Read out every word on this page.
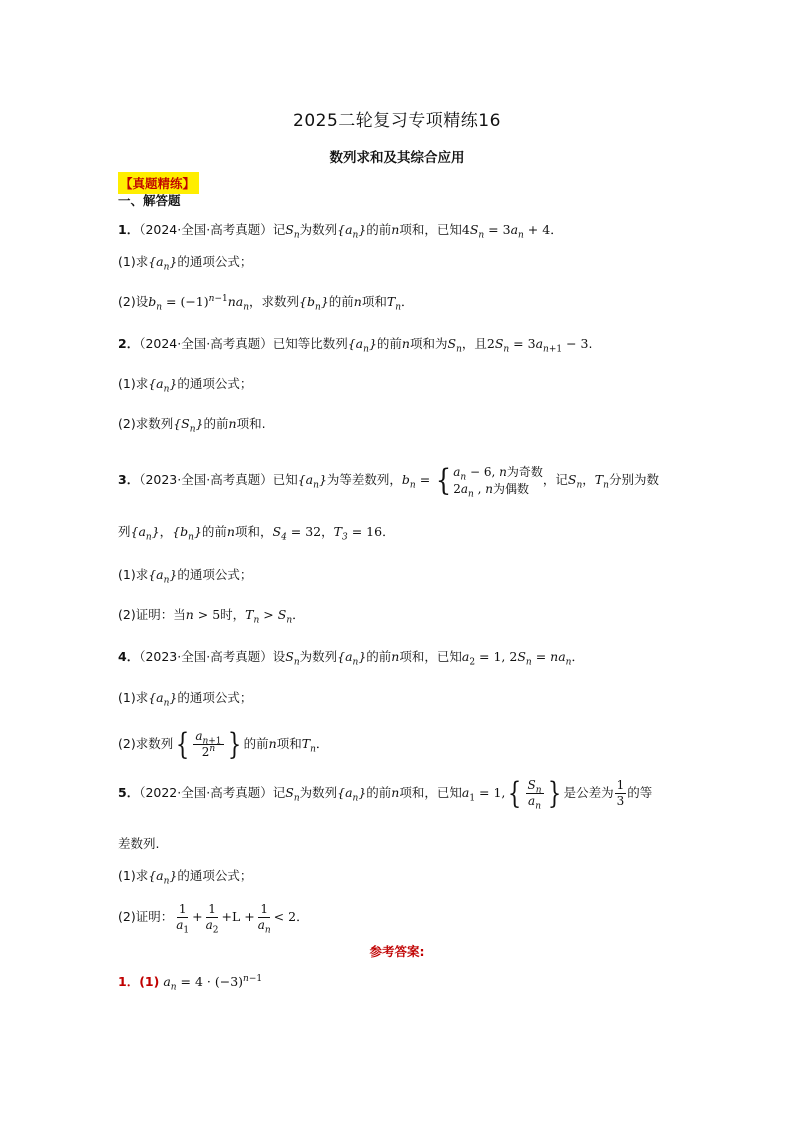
2025二轮复习专项精练16
数列求和及其综合应用
【真题精练】
一、解答题
1．（2024·全国·高考真题）记$S_n$为数列$\{a_n\}$的前n项和，已知$4S_n = 3a_n + 4$．
(1)求$\{a_n\}$的通项公式；
(2)设$b_n = (-1)^{n-1}na_n$，求数列$\{b_n\}$的前n项和$T_n$．
2．（2024·全国·高考真题）已知等比数列$\{a_n\}$的前n项和为$S_n$，且$2S_n = 3a_{n+1} - 3$.
(1)求$\{a_n\}$的通项公式；
(2)求数列$\{S_n\}$的前n项和.
3．（2023·全国·高考真题）已知$\{a_n\}$为等差数列，$b_n$ = { $a_n - 6$, n为奇数
$2a_n$ , n为偶数
，记$S_n$，$T_n$分别为数
列$\{a_n\}$，$\{b_n\}$的前n项和，$S_4 = 32$，$T_3 = 16$．
(1)求$\{a_n\}$的通项公式；
(2)证明：当n > 5时，$T_n > S_n$．
4．（2023·全国·高考真题）设$S_n$为数列$\{a_n\}$的前n项和，已知$a_2 = 1$, $2S_n = na_n$．
(1)求$\{a_n\}$的通项公式；
(2)求数列{ $\frac{a_{n+1}}{2^n}$ } 的前n项和$T_n$．
5．（2022·全国·高考真题）记$S_n$为数列$\{a_n\}$的前n项和，已知$a_1 = 1,\{ \frac{S_n}{a_n}$ } 是公差为 $\frac{1}{3}$ 的等
差数列.
(1)求$\{a_n\}$的通项公式；
(2)证明： $\frac{1}{a_1} + \frac{1}{a_2} +L + \frac{1}{a_n} < 2$．
参考答案:
1．(1) $a_n = 4 \cdot (-3)^{n-1}$
